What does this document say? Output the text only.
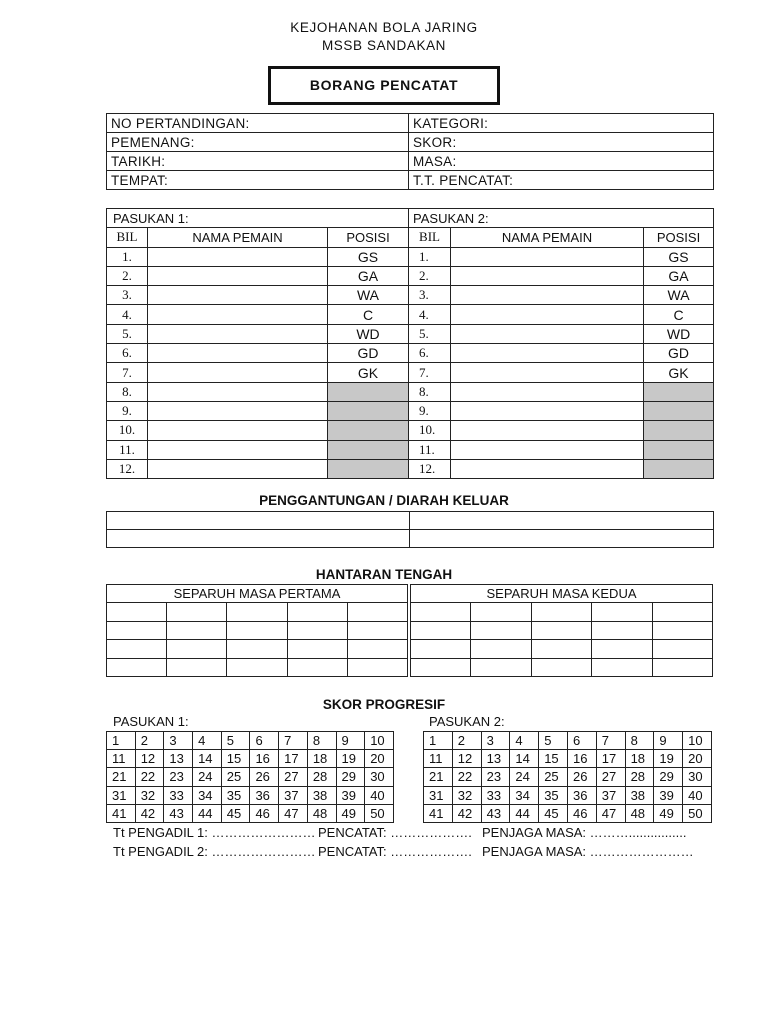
KEJOHANAN BOLA JARING
MSSB SANDAKAN
BORANG PENCATAT
NO PERTANDINGAN:	KATEGORI:
PEMENANG:	SKOR:
TARIKH:	MASA:
TEMPAT:	T.T. PENCATAT:
PASUKAN 1:			PASUKAN 2:		
BIL	NAMA PEMAIN	POSISI	BIL	NAMA PEMAIN	POSISI
1.		GS	1.		GS
2.		GA	2.		GA
3.		WA	3.		WA
4.		C	4.		C
5.		WD	5.		WD
6.		GD	6.		GD
7.		GK	7.		GK
8.			8.		
9.			9.		
10.			10.		
11.			11.		
12.			12.		
PENGGANTUNGAN / DIARAH KELUAR

HANTARAN TENGAH
SEPARUH MASA PERTAMA				

					SEPARUH MASA KEDUA				

SKOR PROGRESIF
PASUKAN 1:	PASUKAN 2:
1	2	3	4	5	6	7	8	9	10
11	12	13	14	15	16	17	18	19	20
21	22	23	24	25	26	27	28	29	30
31	32	33	34	35	36	37	38	39	40
41	42	43	44	45	46	47	48	49	50
1	2	3	4	5	6	7	8	9	10
11	12	13	14	15	16	17	18	19	20
21	22	23	24	25	26	27	28	29	30
31	32	33	34	35	36	37	38	39	40
41	42	43	44	45	46	47	48	49	50
Tt PENGADIL 1: …………………… PENCATAT: ………………. PENJAGA MASA: ………................
Tt PENGADIL 2: …………………… PENCATAT: ………………. PENJAGA MASA: ……………………
